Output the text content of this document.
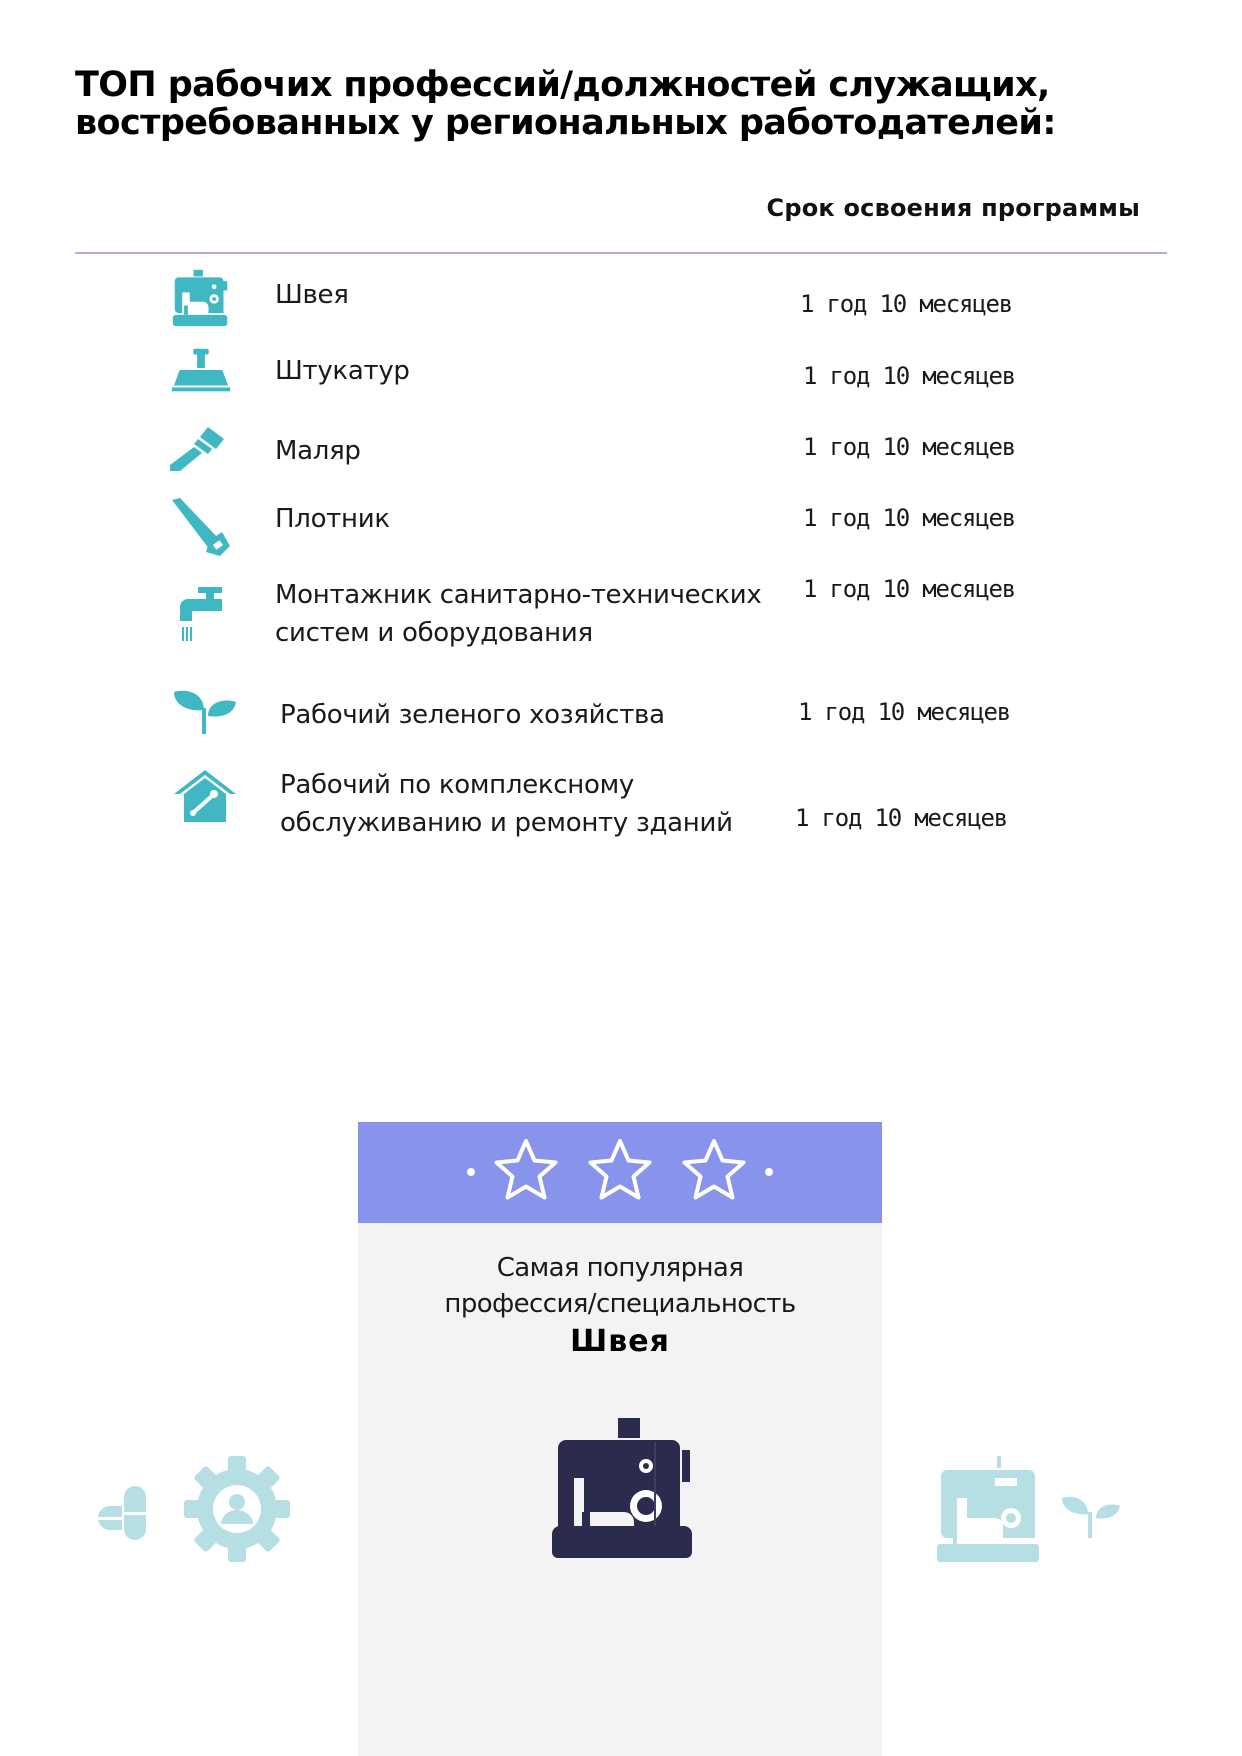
ТОП рабочих профессий/должностей служащих,
востребованных у региональных работодателей:
Срок освоения программы
Швея	1 год 10 месяцев
Штукатур	1 год 10 месяцев
Маляр	1 год 10 месяцев
Плотник	1 год 10 месяцев
Монтажник санитарно-технических
систем и оборудования
1 год 10 месяцев
Рабочий зеленого хозяйства	1 год 10 месяцев
Рабочий по комплексному
обслуживанию и ремонту зданий	1 год 10 месяцев
Самая популярная
профессия/специальность
Швея
